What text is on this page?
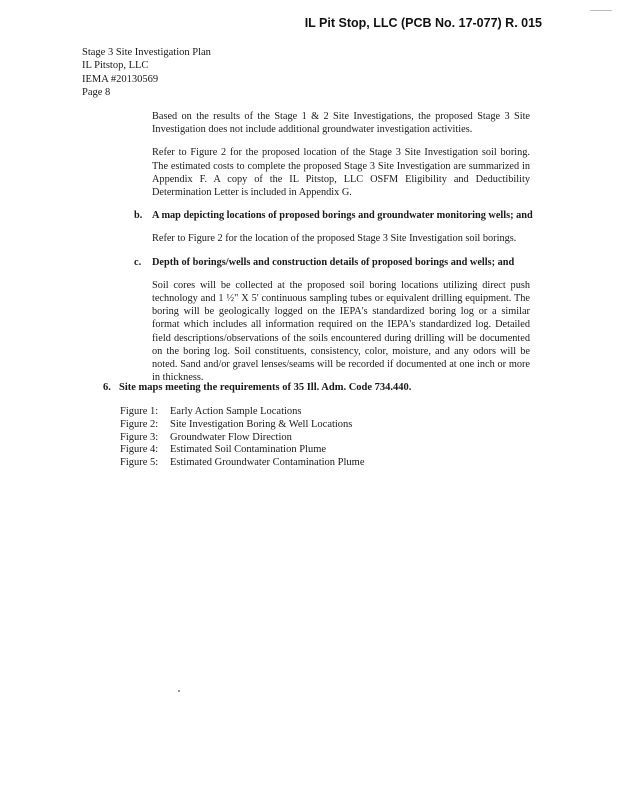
IL Pit Stop, LLC (PCB No. 17-077) R. 015
Stage 3 Site Investigation Plan
IL Pitstop, LLC
IEMA #20130569
Page 8

Based on the results of the Stage 1 & 2 Site Investigations, the proposed Stage 3 Site Investigation does not include additional groundwater investigation activities.

Refer to Figure 2 for the proposed location of the Stage 3 Site Investigation soil boring. The estimated costs to complete the proposed Stage 3 Site Investigation are summarized in Appendix F. A copy of the IL Pitstop, LLC OSFM Eligibility and Deductibility Determination Letter is included in Appendix G.

b. A map depicting locations of proposed borings and groundwater monitoring wells; and

Refer to Figure 2 for the location of the proposed Stage 3 Site Investigation soil borings.

c. Depth of borings/wells and construction details of proposed borings and wells; and

Soil cores will be collected at the proposed soil boring locations utilizing direct push technology and 1 ½" X 5' continuous sampling tubes or equivalent drilling equipment. The boring will be geologically logged on the IEPA's standardized boring log or a similar format which includes all information required on the IEPA's standardized log. Detailed field descriptions/observations of the soils encountered during drilling will be documented on the boring log. Soil constituents, consistency, color, moisture, and any odors will be noted. Sand and/or gravel lenses/seams will be recorded if documented at one inch or more in thickness.

6. Site maps meeting the requirements of 35 Ill. Adm. Code 734.440.
Figure 1:	Early Action Sample Locations
Figure 2:	Site Investigation Boring & Well Locations
Figure 3:	Groundwater Flow Direction
Figure 4:	Estimated Soil Contamination Plume
Figure 5:	Estimated Groundwater Contamination Plume
